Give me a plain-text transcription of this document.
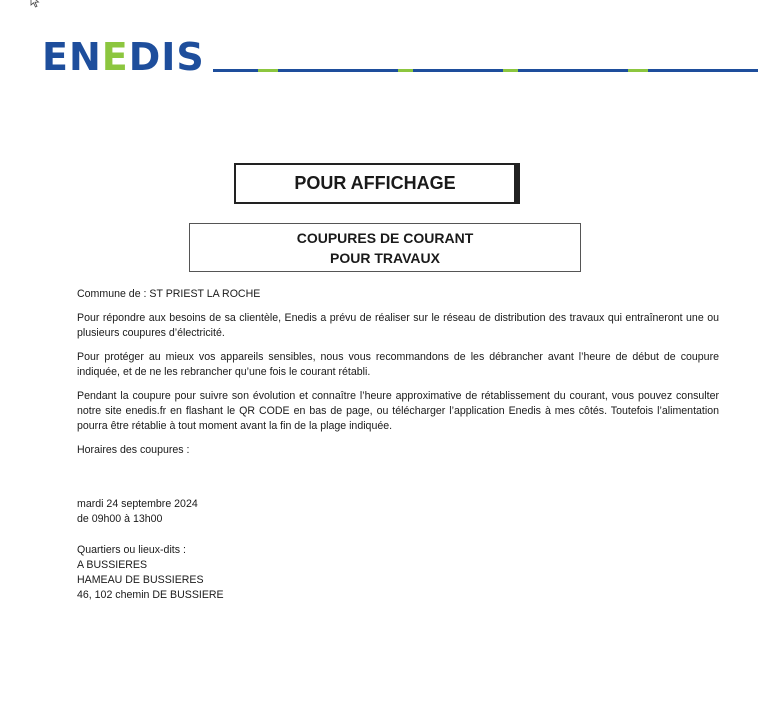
ENEDIS
POUR AFFICHAGE
COUPURES DE COURANT
POUR TRAVAUX

Commune de : ST PRIEST LA ROCHE

Pour répondre aux besoins de sa clientèle, Enedis a prévu de réaliser sur le réseau de distribution des travaux qui entraîneront une ou plusieurs coupures d’électricité.

Pour protéger au mieux vos appareils sensibles, nous vous recommandons de les débrancher avant l’heure de début de coupure indiquée, et de ne les rebrancher qu’une fois le courant rétabli.

Pendant la coupure pour suivre son évolution et connaître l’heure approximative de rétablissement du courant, vous pouvez consulter notre site enedis.fr en flashant le QR CODE en bas de page, ou télécharger l’application Enedis à mes côtés. Toutefois l’alimentation pourra être rétablie à tout moment avant la fin de la plage indiquée.

Horaires des coupures :

mardi 24 septembre 2024

de 09h00 à 13h00

Quartiers ou lieux-dits :

A BUSSIERES

HAMEAU DE BUSSIERES

46, 102 chemin DE BUSSIERE
